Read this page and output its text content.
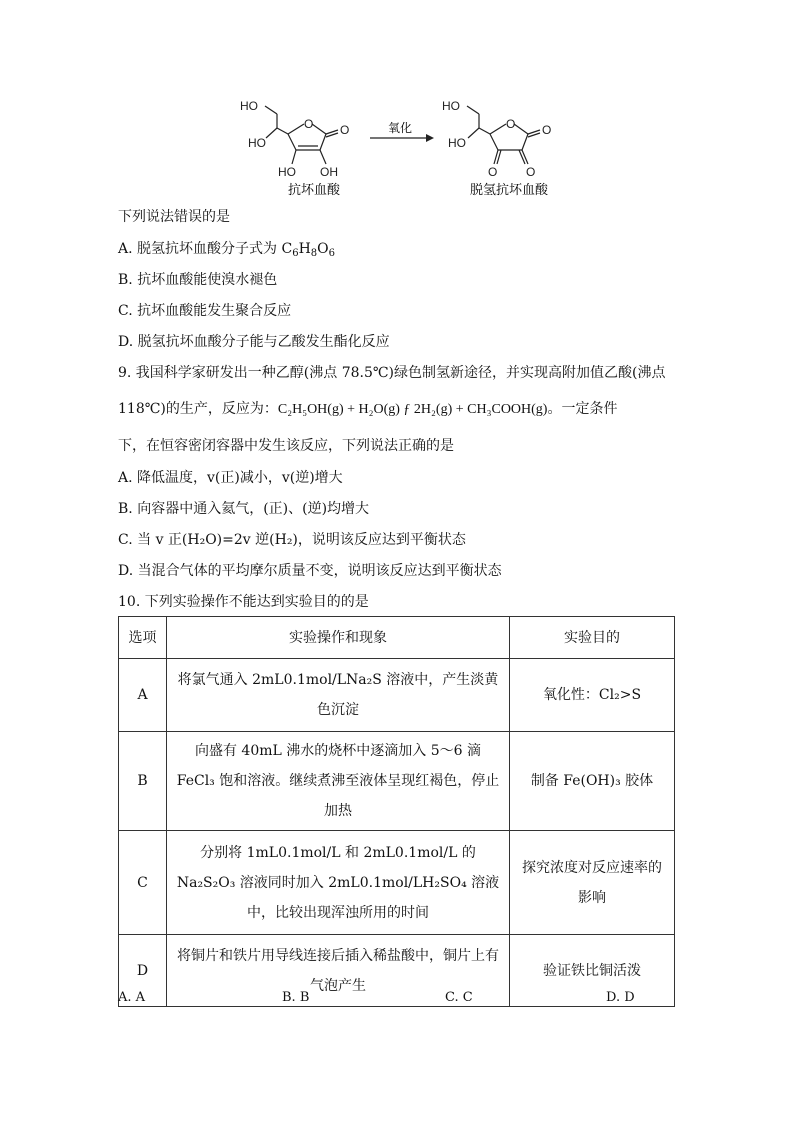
HO
HO
O O
HO OH
抗坏血酸
氧化
HO
HO
O O
O O
脱氢抗坏血酸
下列说法错误的是
A. 脱氢抗坏血酸分子式为 $C_6H_8O_6$
B. 抗坏血酸能使溴水褪色
C. 抗坏血酸能发生聚合反应
D. 脱氢抗坏血酸分子能与乙酸发生酯化反应
9. 我国科学家研发出一种乙醇(沸点 78.5℃)绿色制氢新途径，并实现高附加值乙酸(沸点
118℃)的生产，反应为：C₂H₅OH(g) + H₂O(g) ƒ 2H₂(g) + CH₃COOH(g)。一定条件
下，在恒容密闭容器中发生该反应，下列说法正确的是
A. 降低温度，v(正)减小，v(逆)增大
B. 向容器中通入氦气，(正)、(逆)均增大
C. 当 v 正(H₂O)=2v 逆(H₂)，说明该反应达到平衡状态
D. 当混合气体的平均摩尔质量不变，说明该反应达到平衡状态
10. 下列实验操作不能达到实验目的的是
选项	实验操作和现象	实验目的
A	将氯气通入 2mL0.1mol/LNa₂S 溶液中，产生淡黄色沉淀	氧化性：Cl₂>S
B	向盛有 40mL 沸水的烧杯中逐滴加入 5～6 滴 FeCl₃ 饱和溶液。继续煮沸至液体呈现红褐色，停止加热	制备 Fe(OH)₃ 胶体
C	分别将 1mL0.1mol/L 和 2mL0.1mol/L 的 Na₂S₂O₃ 溶液同时加入 2mL0.1mol/LH₂SO₄ 溶液中，比较出现浑浊所用的时间	探究浓度对反应速率的影响
D	将铜片和铁片用导线连接后插入稀盐酸中，铜片上有气泡产生	验证铁比铜活泼
A. A	B. B	C. C	D. D
